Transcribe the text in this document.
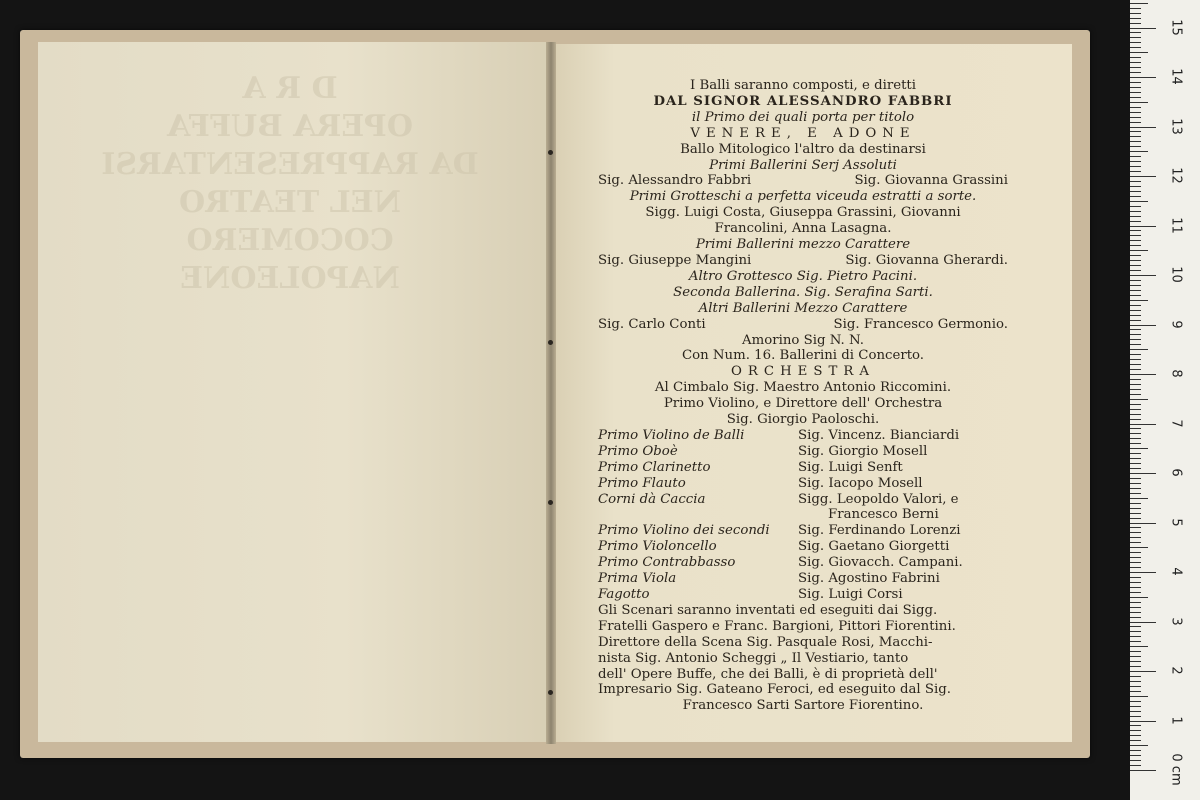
D R A
OPERA BUFFA
DA RAPPRESENTARSI
NEL TEATRO
COCOMERO
NAPOLEONE
0 cm
1
2
3
4
5
6
7
8
9
10
11
12
13
14
15
I Balli saranno composti, e diretti
DAL SIGNOR ALESSANDRO FABBRI
il Primo dei quali porta per titolo
VENERE, E ADONE
Ballo Mitologico l'altro da destinarsi
Primi Ballerini Serj Assoluti
Sig. Alessandro Fabbri	Sig. Giovanna Grassini
Primi Grotteschi a perfetta viceuda estratti a sorte.
Sigg. Luigi Costa, Giuseppa Grassini, Giovanni
Francolini, Anna Lasagna.
Primi Ballerini mezzo Carattere
Sig. Giuseppe Mangini	Sig. Giovanna Gherardi.
Altro Grottesco Sig. Pietro Pacini.
Seconda Ballerina. Sig. Serafina Sarti.
Altri Ballerini Mezzo Carattere
Sig. Carlo Conti	Sig. Francesco Germonio.
Amorino Sig N. N.
Con Num. 16. Ballerini di Concerto.
ORCHESTRA
Al Cimbalo Sig. Maestro Antonio Riccomini.
Primo Violino, e Direttore dell' Orchestra
Sig. Giorgio Paoloschi.
Primo Violino de Balli	Sig. Vincenz. Bianciardi
Primo Oboè	Sig. Giorgio Mosell
Primo Clarinetto	Sig. Luigi Senft
Primo Flauto	Sig. Iacopo Mosell
Corni dà Caccia	Sigg. Leopoldo Valori, e
Francesco Berni
Primo Violino dei secondi	Sig. Ferdinando Lorenzi
Primo Violoncello	Sig. Gaetano Giorgetti
Primo Contrabbasso	Sig. Giovacch. Campani.
Prima Viola	Sig. Agostino Fabrini
Fagotto	Sig. Luigi Corsi
Gli Scenari saranno inventati ed eseguiti dai Sigg.
Fratelli Gaspero e Franc. Bargioni, Pittori Fiorentini.
Direttore della Scena Sig. Pasquale Rosi, Macchi-
nista Sig. Antonio Scheggi „ Il Vestiario, tanto
dell' Opere Buffe, che dei Balli, è di proprietà dell'
Impresario Sig. Gateano Feroci, ed eseguito dal Sig.
Francesco Sarti Sartore Fiorentino.
